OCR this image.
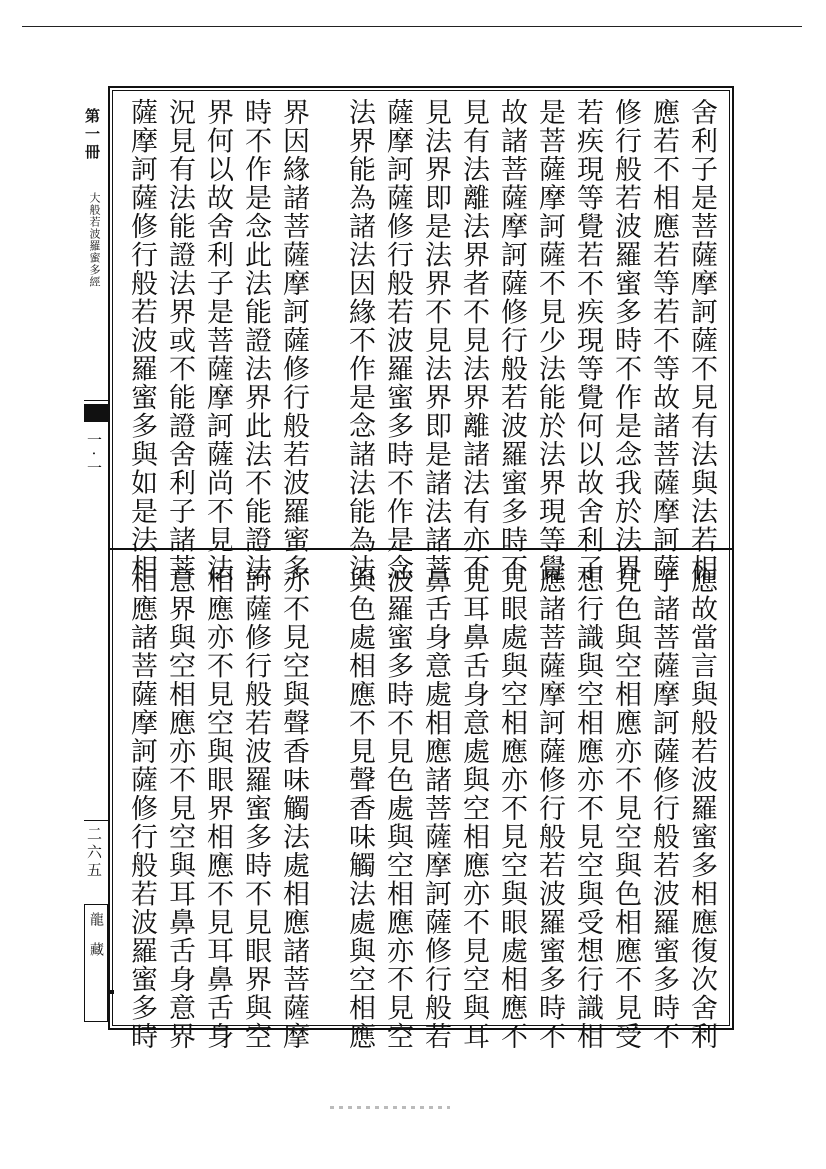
第一冊
大般若波羅蜜多經
一·一
二六五
龍藏
舍利子是菩薩摩訶薩不見有法與法若相
應若不相應若等若不等故諸菩薩摩訶薩
修行般若波羅蜜多時不作是念我於法界
若疾現等覺若不疾現等覺何以故舍利子
是菩薩摩訶薩不見少法能於法界現等覺
故諸菩薩摩訶薩修行般若波羅蜜多時不
見有法離法界者不見法界離諸法有亦不
見法界即是法界不見法界即是諸法諸菩
薩摩訶薩修行般若波羅蜜多時不作是念
法界能為諸法因緣不作是念諸法能為法
界因緣諸菩薩摩訶薩修行般若波羅蜜多
時不作是念此法能證法界此法不能證法
界何以故舍利子是菩薩摩訶薩尚不見法
況見有法能證法界或不能證舍利子諸菩
薩摩訶薩修行般若波羅蜜多與如是法相
應故當言與般若波羅蜜多相應復次舍利
子諸菩薩摩訶薩修行般若波羅蜜多時不
見色與空相應亦不見空與色相應不見受
想行識與空相應亦不見空與受想行識相
應諸菩薩摩訶薩修行般若波羅蜜多時不
見眼處與空相應亦不見空與眼處相應不
見耳鼻舌身意處與空相應亦不見空與耳
鼻舌身意處相應諸菩薩摩訶薩修行般若
波羅蜜多時不見色處與空相應亦不見空
與色處相應不見聲香味觸法處與空相應
亦不見空與聲香味觸法處相應諸菩薩摩
訶薩修行般若波羅蜜多時不見眼界與空
相應亦不見空與眼界相應不見耳鼻舌身
意界與空相應亦不見空與耳鼻舌身意界
相應諸菩薩摩訶薩修行般若波羅蜜多時
